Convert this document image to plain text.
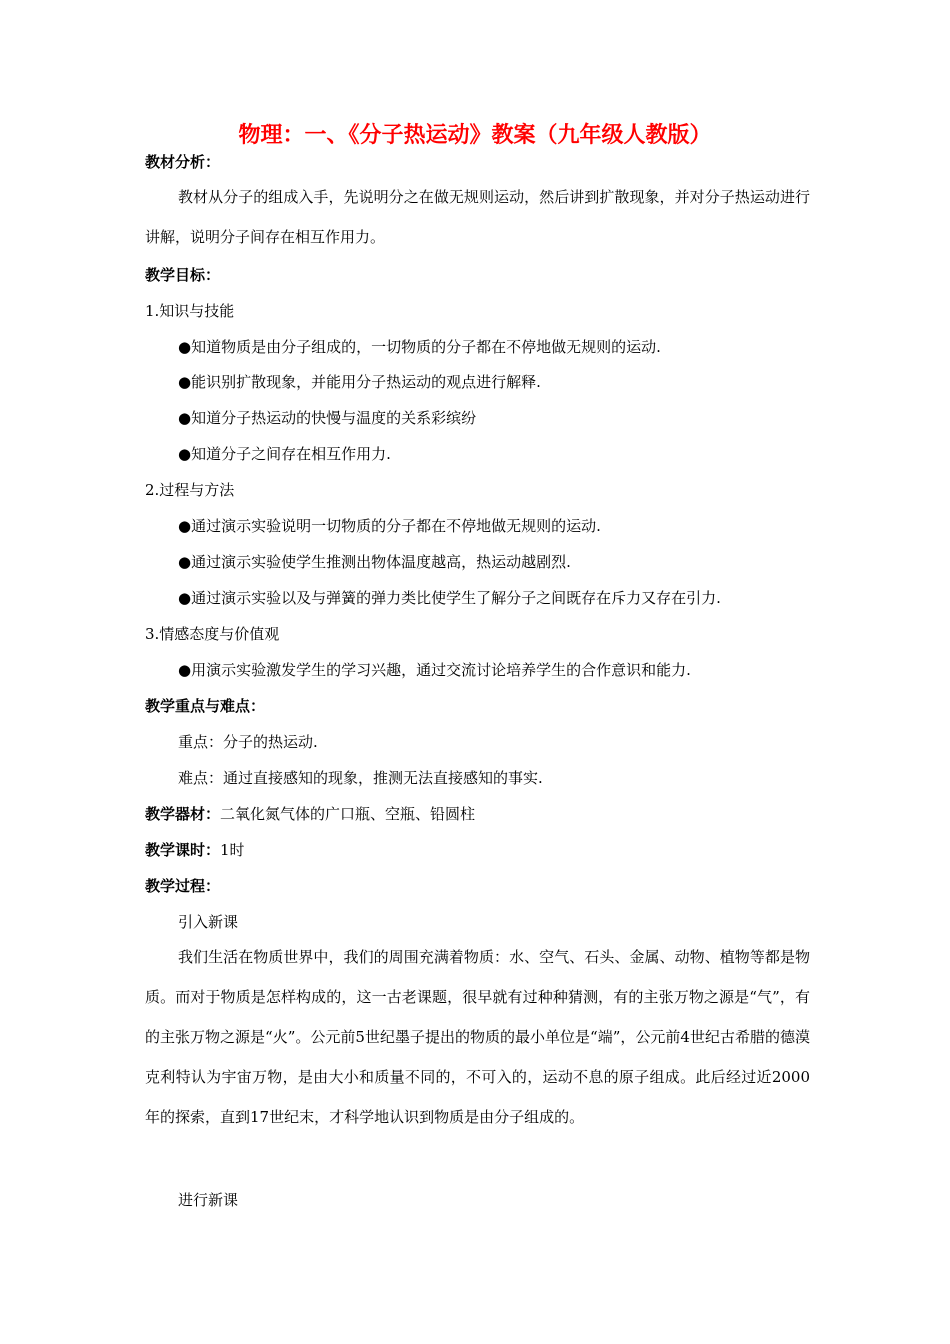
物理：一、《分子热运动》教案（九年级人教版）
教材分析：

教材从分子的组成入手，先说明分之在做无规则运动，然后讲到扩散现象，并对分子热运动进行讲解，说明分子间存在相互作用力。

教学目标：
1.知识与技能
●知道物质是由分子组成的，一切物质的分子都在不停地做无规则的运动.
●能识别扩散现象，并能用分子热运动的观点进行解释.
●知道分子热运动的快慢与温度的关系彩缤纷
●知道分子之间存在相互作用力.
2.过程与方法
●通过演示实验说明一切物质的分子都在不停地做无规则的运动.
●通过演示实验使学生推测出物体温度越高，热运动越剧烈.
●通过演示实验以及与弹簧的弹力类比使学生了解分子之间既存在斥力又存在引力.
3.情感态度与价值观
●用演示实验激发学生的学习兴趣，通过交流讨论培养学生的合作意识和能力.
教学重点与难点：
重点：分子的热运动.
难点：通过直接感知的现象，推测无法直接感知的事实.
教学器材：二氧化氮气体的广口瓶、空瓶、铅圆柱
教学课时：1时
教学过程：
引入新课

我们生活在物质世界中，我们的周围充满着物质：水、空气、石头、金属、动物、植物等都是物质。而对于物质是怎样构成的，这一古老课题，很早就有过种种猜测，有的主张万物之源是“气”，有的主张万物之源是“火”。公元前5世纪墨子提出的物质的最小单位是“端”，公元前4世纪古希腊的德漠克利特认为宇宙万物，是由大小和质量不同的，不可入的，运动不息的原子组成。此后经过近2000年的探索，直到17世纪末，才科学地认识到物质是由分子组成的。

进行新课
